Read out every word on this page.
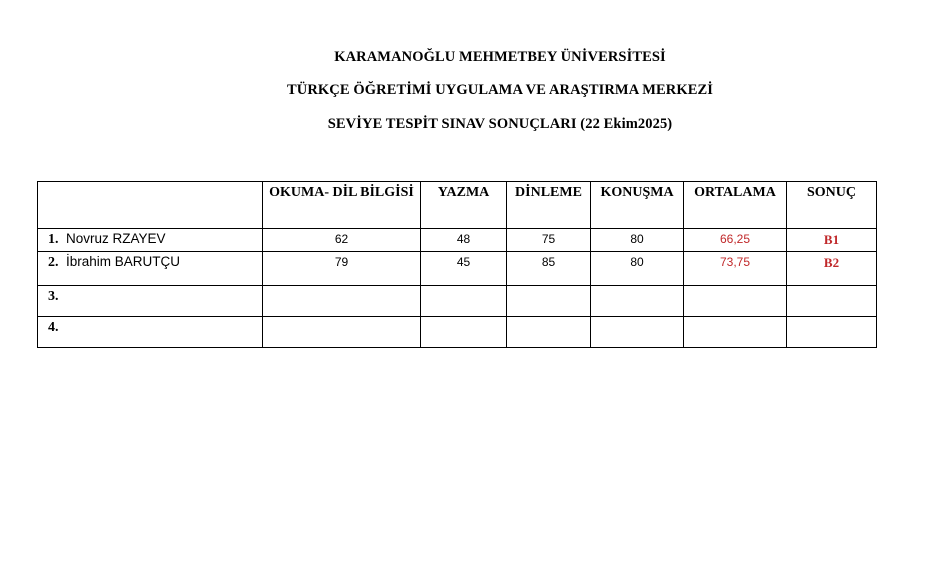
KARAMANOĞLU MEHMETBEY ÜNİVERSİTESİ
TÜRKÇE ÖĞRETİMİ UYGULAMA VE ARAŞTIRMA MERKEZİ
SEVİYE TESPİT SINAV SONUÇLARI (22 Ekim2025)
	OKUMA- DİL BİLGİSİ	YAZMA	DİNLEME	KONUŞMA	ORTALAMA	SONUÇ
1. Novruz RZAYEV	62	48	75	80	66,25	B1
2. İbrahim BARUTÇU	79	45	85	80	73,75	B2
3.						
4.						
